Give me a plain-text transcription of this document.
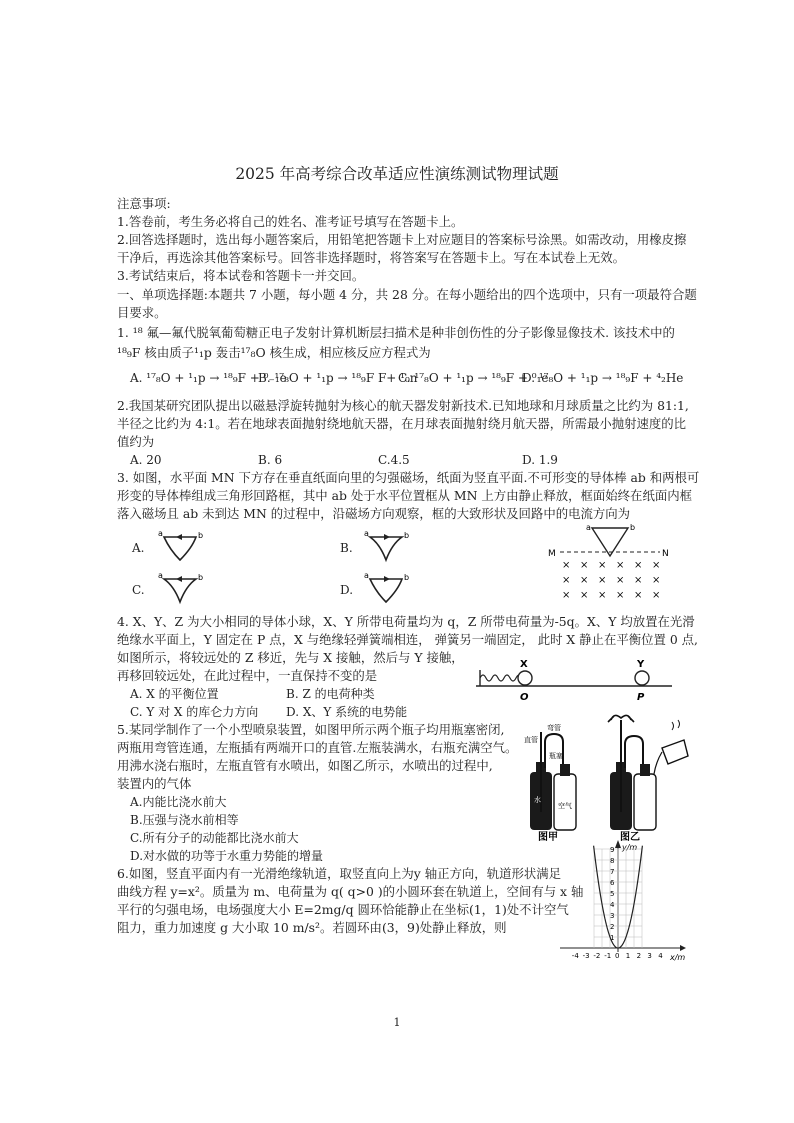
2025 年高考综合改革适应性演练测试物理试题
注意事项:
1.答卷前，考生务必将自己的姓名、准考证号填写在答题卡上。
2.回答选择题时，选出每小题答案后，用铅笔把答题卡上对应题目的答案标号涂黑。如需改动，用橡皮擦
干净后，再选涂其他答案标号。回答非选择题时，将答案写在答题卡上。写在本试卷上无效。
3.考试结束后，将本试卷和答题卡一并交回。
一、单项选择题:本题共 7 小题，每小题 4 分，共 28 分。在每小题给出的四个选项中，只有一项最符合题
目要求。
1. ¹⁸ 氟—氟代脱氧葡萄糖正电子发射计算机断层扫描术是种非创伤性的分子影像显像技术. 该技术中的
¹⁸₉F 核由质子¹₁p 轰击¹⁷₈O 核生成，相应核反应方程式为
A. ¹⁷₈O + ¹₁p → ¹⁸₉F + ⁰₋₁e
B. ¹⁷₈O + ¹₁p → ¹⁸₉F F+ ¹₀n
C. ¹⁷₈O + ¹₁p → ¹⁸₉F + ⁰₁e
D. ¹⁷₈O + ¹₁p → ¹⁸₉F + ⁴₂He
2.我国某研究团队提出以磁悬浮旋转抛射为核心的航天器发射新技术.已知地球和月球质量之比约为 81:1,
半径之比约为 4:1。若在地球表面抛射绕地航天器，在月球表面抛射绕月航天器，所需最小抛射速度的比
值约为
A. 20	B. 6	C.4.5	D. 1.9
3. 如图，水平面 MN 下方存在垂直纸面向里的匀强磁场，纸面为竖直平面.不可形变的导体棒 ab 和两根可
形变的导体棒组成三角形回路框，其中 ab 处于水平位置框从 MN 上方由静止释放，框面始终在纸面内框
落入磁场且 ab 未到达 MN 的过程中，沿磁场方向观察，框的大致形状及回路中的电流方向为
A.	B.
C.	D.
a	b	a	b
a	b	a	b
M	N
a	b
× × × × × ×
× × × × × ×
× × × × × ×
4. X、Y、Z 为大小相同的导体小球，X、Y 所带电荷量均为 q，Z 所带电荷量为-5q。X、Y 均放置在光滑
绝缘水平面上，Y 固定在 P 点，X 与绝缘轻弹簧端相连， 弹簧另一端固定， 此时 X 静止在平衡位置 0 点,
如图所示，将较远处的 Z 移近，先与 X 接触，然后与 Y 接触，
再移回较远处，在此过程中，一直保持不变的是
A. X 的平衡位置	B. Z 的电荷种类
C. Y 对 X 的库仑力方向 D. X、Y 系统的电势能
X	Y
O	P
5.某同学制作了一个小型喷泉装置，如图甲所示两个瓶子均用瓶塞密闭,
两瓶用弯管连通，左瓶插有两端开口的直管.左瓶装满水，右瓶充满空气。
用沸水浇右瓶时，左瓶直管有水喷出，如图乙所示，水喷出的过程中,
装置内的气体
A.内能比浇水前大
B.压强与浇水前相等
C.所有分子的动能都比浇水前大
D.对水做的功等于水重力势能的增量
直管
弯管
瓶塞
水
空气
图甲	图乙
6.如图，竖直平面内有一光滑绝缘轨道，取竖直向上为y 轴正方向，轨道形状满足
曲线方程 y=x²。质量为 m、电荷量为 q( q>0 )的小圆环套在轨道上，空间有与 x 轴
平行的匀强电场，电场强度大小 E=2mg/q 圆环恰能静止在坐标(1，1)处不计空气
阻力，重力加速度 g 大小取 10 m/s²。若圆环由(3，9)处静止释放，则
y/m
x/m
1
2
3
4
5
6
7
8
9
-4 -3 -2 -1 0 1 2 3 4
1
